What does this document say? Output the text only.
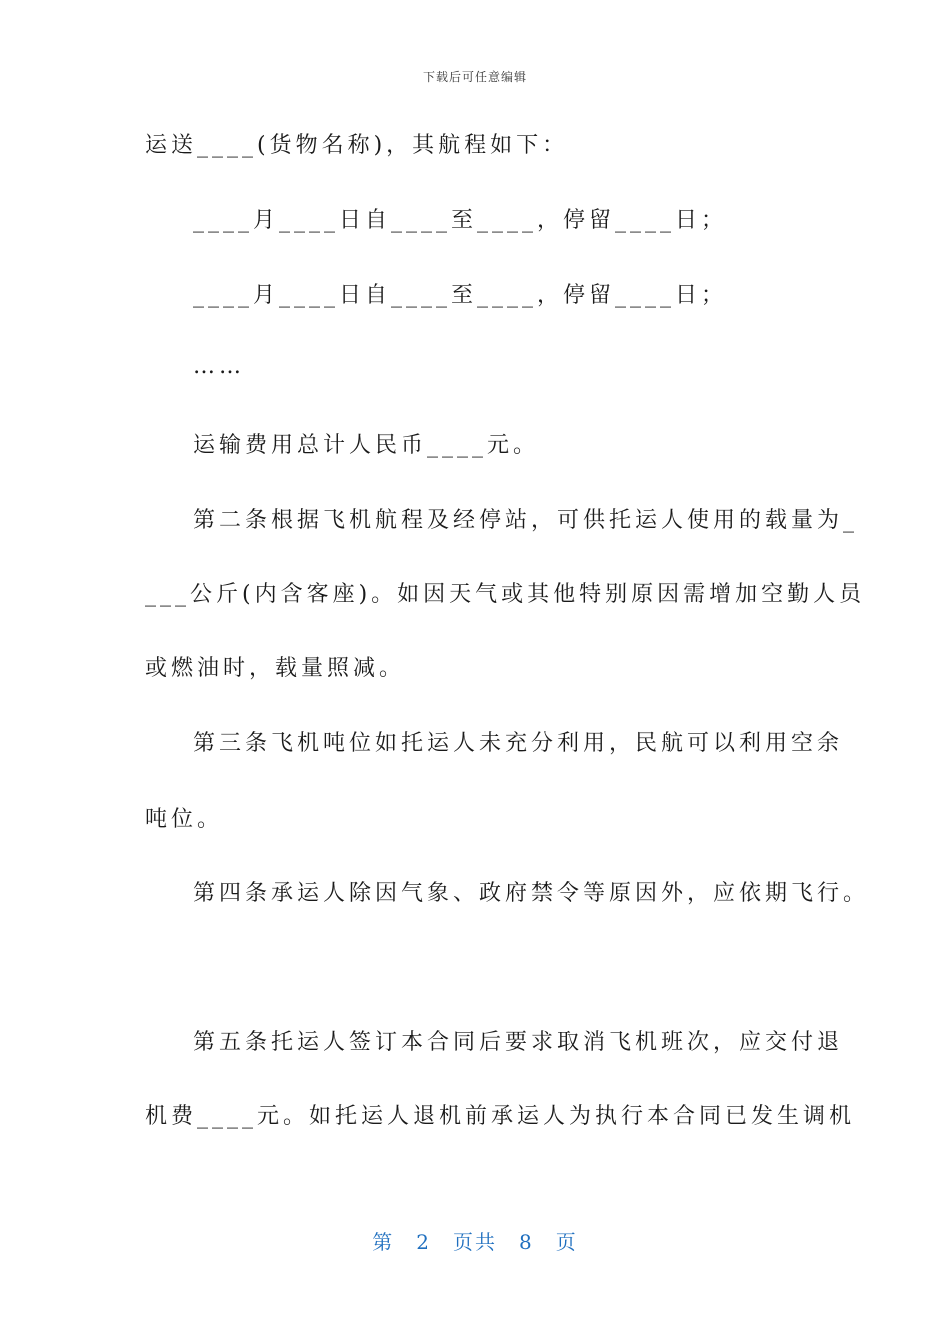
下载后可任意编辑
运送____(货物名称)，其航程如下：
____月____日自____至____，停留____日；
____月____日自____至____，停留____日；
……
运输费用总计人民币____元。
第二条根据飞机航程及经停站，可供托运人使用的载量为_
___公斤(内含客座)。如因天气或其他特别原因需增加空勤人员
或燃油时，载量照减。
第三条飞机吨位如托运人未充分利用，民航可以利用空余
吨位。
第四条承运人除因气象、政府禁令等原因外，应依期飞行。
第五条托运人签订本合同后要求取消飞机班次，应交付退
机费____元。如托运人退机前承运人为执行本合同已发生调机
第 2 页共 8 页
